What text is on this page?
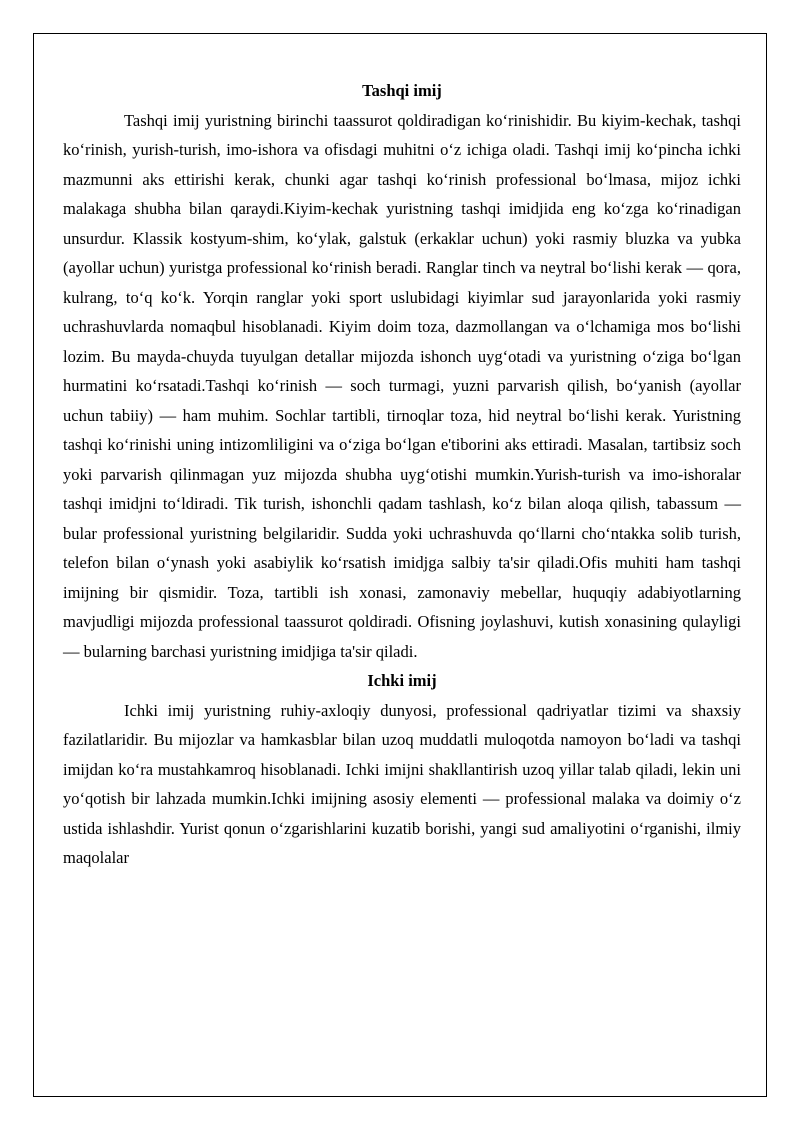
Tashqi imij

Tashqi imij yuristning birinchi taassurot qoldiradigan koʻrinishidir. Bu kiyim-kechak, tashqi koʻrinish, yurish-turish, imo-ishora va ofisdagi muhitni oʻz ichiga oladi. Tashqi imij koʻpincha ichki mazmunni aks ettirishi kerak, chunki agar tashqi koʻrinish professional boʻlmasa, mijoz ichki malakaga shubha bilan qaraydi.Kiyim-kechak yuristning tashqi imidjida eng koʻzga koʻrinadigan unsurdur. Klassik kostyum-shim, koʻylak, galstuk (erkaklar uchun) yoki rasmiy bluzka va yubka (ayollar uchun) yuristga professional koʻrinish beradi. Ranglar tinch va neytral boʻlishi kerak — qora, kulrang, toʻq koʻk. Yorqin ranglar yoki sport uslubidagi kiyimlar sud jarayonlarida yoki rasmiy uchrashuvlarda nomaqbul hisoblanadi. Kiyim doim toza, dazmollangan va oʻlchamiga mos boʻlishi lozim. Bu mayda-chuyda tuyulgan detallar mijozda ishonch uygʻotadi va yuristning oʻziga boʻlgan hurmatini koʻrsatadi.Tashqi koʻrinish — soch turmagi, yuzni parvarish qilish, boʻyanish (ayollar uchun tabiiy) — ham muhim. Sochlar tartibli, tirnoqlar toza, hid neytral boʻlishi kerak. Yuristning tashqi koʻrinishi uning intizomliligini va oʻziga boʻlgan e'tiborini aks ettiradi. Masalan, tartibsiz soch yoki parvarish qilinmagan yuz mijozda shubha uygʻotishi mumkin.Yurish-turish va imo-ishoralar tashqi imidjni toʻldiradi. Tik turish, ishonchli qadam tashlash, koʻz bilan aloqa qilish, tabassum — bular professional yuristning belgilaridir. Sudda yoki uchrashuvda qoʻllarni choʻntakka solib turish, telefon bilan oʻynash yoki asabiylik koʻrsatish imidjga salbiy ta'sir qiladi.Ofis muhiti ham tashqi imijning bir qismidir. Toza, tartibli ish xonasi, zamonaviy mebellar, huquqiy adabiyotlarning mavjudligi mijozda professional taassurot qoldiradi. Ofisning joylashuvi, kutish xonasining qulayligi — bularning barchasi yuristning imidjiga ta'sir qiladi.

Ichki imij

Ichki imij yuristning ruhiy-axloqiy dunyosi, professional qadriyatlar tizimi va shaxsiy fazilatlaridir. Bu mijozlar va hamkasblar bilan uzoq muddatli muloqotda namoyon boʻladi va tashqi imijdan koʻra mustahkamroq hisoblanadi. Ichki imijni shakllantirish uzoq yillar talab qiladi, lekin uni yoʻqotish bir lahzada mumkin.Ichki imijning asosiy elementi — professional malaka va doimiy oʻz ustida ishlashdir. Yurist qonun oʻzgarishlarini kuzatib borishi, yangi sud amaliyotini oʻrganishi, ilmiy maqolalar
